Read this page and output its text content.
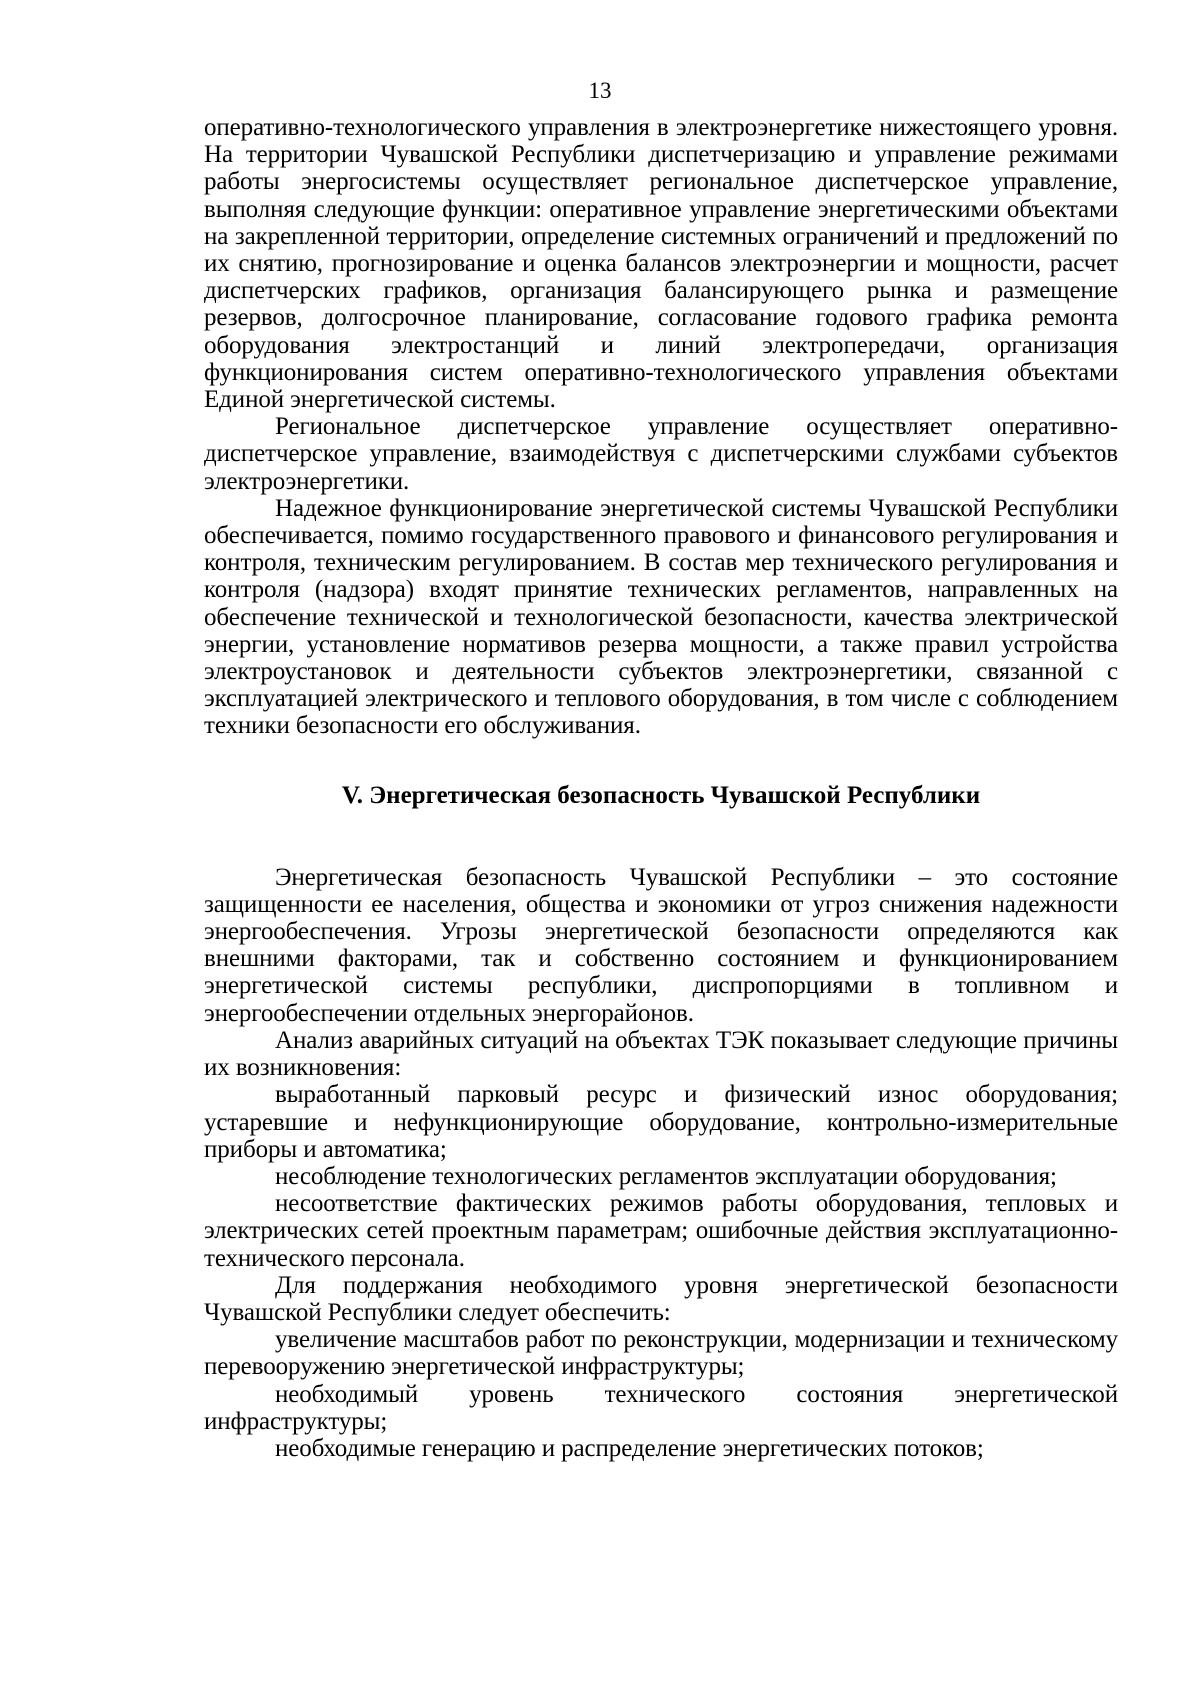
13

оперативно-технологического управления в электроэнергетике нижестоящего уровня. На территории Чувашской Республики диспетчеризацию и управление режимами работы энергосистемы осуществляет региональное диспетчерское управление, выполняя следующие функции: оперативное управление энергетическими объектами на закрепленной территории, определение системных ограничений и предложений по их снятию, прогнозирование и оценка балансов электроэнергии и мощности, расчет диспетчерских графиков, организация балансирующего рынка и размещение резервов, долгосрочное планирование, согласование годового графика ремонта оборудования электростанций и линий электропередачи, организация функционирования систем оперативно-технологического управления объектами Единой энергетической системы.

Региональное диспетчерское управление осуществляет оперативно-диспетчерское управление, взаимодействуя с диспетчерскими службами субъектов электроэнергетики.

Надежное функционирование энергетической системы Чувашской Республики обеспечивается, помимо государственного правового и финансового регулирования и контроля, техническим регулированием. В состав мер технического регулирования и контроля (надзора) входят принятие технических регламентов, направленных на обеспечение технической и технологической безопасности, качества электрической энергии, установление нормативов резерва мощности, а также правил устройства электроустановок и деятельности субъектов электроэнергетики, связанной с эксплуатацией электрического и теплового оборудования, в том числе с соблюдением техники безопасности его обслуживания.

V. Энергетическая безопасность Чувашской Республики

Энергетическая безопасность Чувашской Республики – это состояние защищенности ее населения, общества и экономики от угроз снижения надежности энергообеспечения. Угрозы энергетической безопасности определяются как внешними факторами, так и собственно состоянием и функционированием энергетической системы республики, диспропорциями в топливном и энергообеспечении отдельных энергорайонов.

Анализ аварийных ситуаций на объектах ТЭК показывает следующие причины их возникновения:

выработанный парковый ресурс и физический износ оборудования; устаревшие и нефункционирующие оборудование, контрольно-измерительные приборы и автоматика;

несоблюдение технологических регламентов эксплуатации оборудования;

несоответствие фактических режимов работы оборудования, тепловых и электрических сетей проектным параметрам; ошибочные действия эксплуатационно-технического персонала.

Для поддержания необходимого уровня энергетической безопасности Чувашской Республики следует обеспечить:

увеличение масштабов работ по реконструкции, модернизации и техническому перевооружению энергетической инфраструктуры;

необходимый уровень технического состояния энергетической инфраструктуры;

необходимые генерацию и распределение энергетических потоков;
